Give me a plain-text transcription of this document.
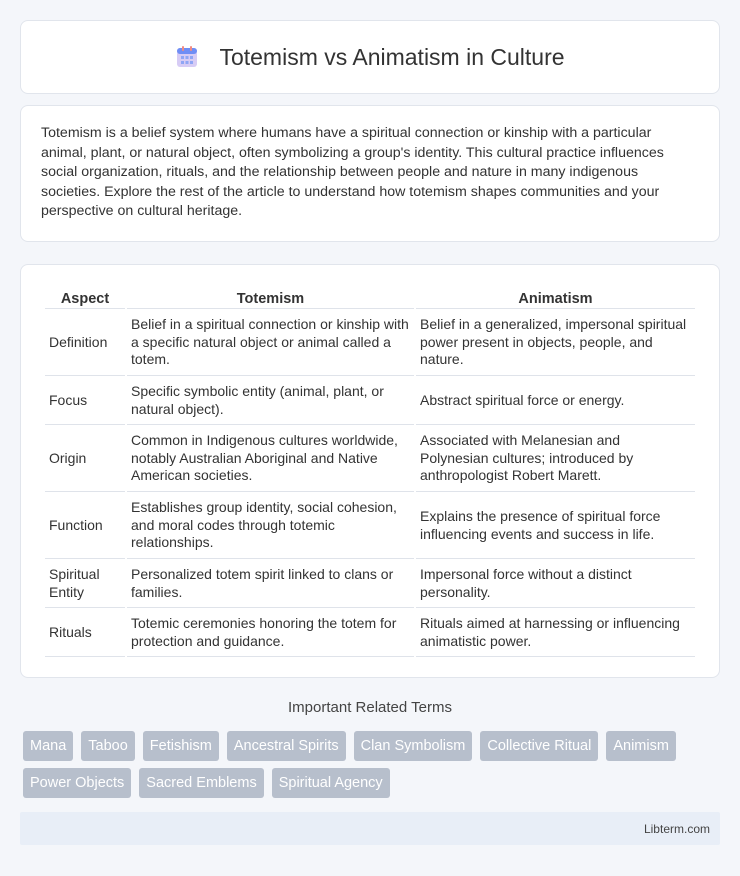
Totemism vs Animatism in Culture

Totemism is a belief system where humans have a spiritual connection or kinship with a particular animal, plant, or natural object, often symbolizing a group's identity. This cultural practice influences social organization, rituals, and the relationship between people and nature in many indigenous societies. Explore the rest of the article to understand how totemism shapes communities and your perspective on cultural heritage.

Aspect	Totemism	Animatism
Definition	Belief in a spiritual connection or kinship with a specific natural object or animal called a totem.	Belief in a generalized, impersonal spiritual power present in objects, people, and nature.
Focus	Specific symbolic entity (animal, plant, or natural object).	Abstract spiritual force or energy.
Origin	Common in Indigenous cultures worldwide, notably Australian Aboriginal and Native American societies.	Associated with Melanesian and Polynesian cultures; introduced by anthropologist Robert Marett.
Function	Establishes group identity, social cohesion, and moral codes through totemic relationships.	Explains the presence of spiritual force influencing events and success in life.
Spiritual Entity	Personalized totem spirit linked to clans or families.	Impersonal force without a distinct personality.
Rituals	Totemic ceremonies honoring the totem for protection and guidance.	Rituals aimed at harnessing or influencing animatistic power.
Important Related Terms
Mana	Taboo	Fetishism	Ancestral Spirits	Clan Symbolism	Collective Ritual	Animism
Power Objects	Sacred Emblems	Spiritual Agency
Libterm.com
